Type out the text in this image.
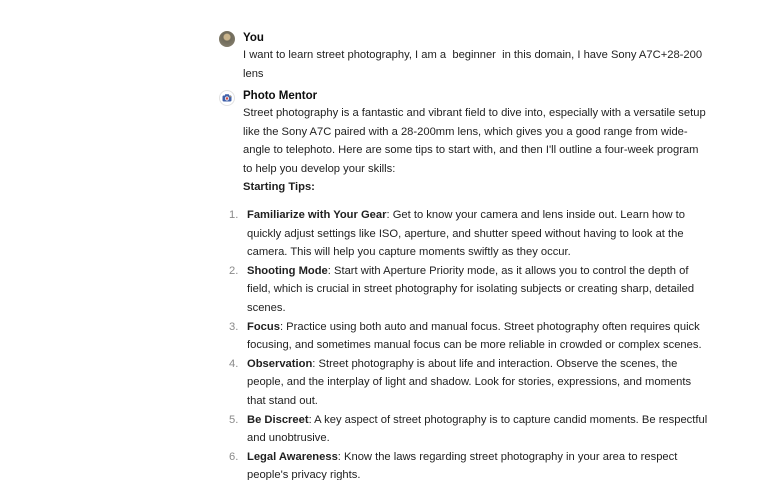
You

I want to learn street photography, I am a  beginner  in this domain, I have Sony A7C+28-200 lens

Photo Mentor

Street photography is a fantastic and vibrant field to dive into, especially with a versatile setup like the Sony A7C paired with a 28-200mm lens, which gives you a good range from wide-angle to telephoto. Here are some tips to start with, and then I'll outline a four-week program to help you develop your skills:

Starting Tips:

1. Familiarize with Your Gear: Get to know your camera and lens inside out. Learn how to quickly adjust settings like ISO, aperture, and shutter speed without having to look at the camera. This will help you capture moments swiftly as they occur.
2. Shooting Mode: Start with Aperture Priority mode, as it allows you to control the depth of field, which is crucial in street photography for isolating subjects or creating sharp, detailed scenes.
3. Focus: Practice using both auto and manual focus. Street photography often requires quick focusing, and sometimes manual focus can be more reliable in crowded or complex scenes.
4. Observation: Street photography is about life and interaction. Observe the scenes, the people, and the interplay of light and shadow. Look for stories, expressions, and moments that stand out.
5. Be Discreet: A key aspect of street photography is to capture candid moments. Be respectful and unobtrusive.
6. Legal Awareness: Know the laws regarding street photography in your area to respect people's privacy rights.
